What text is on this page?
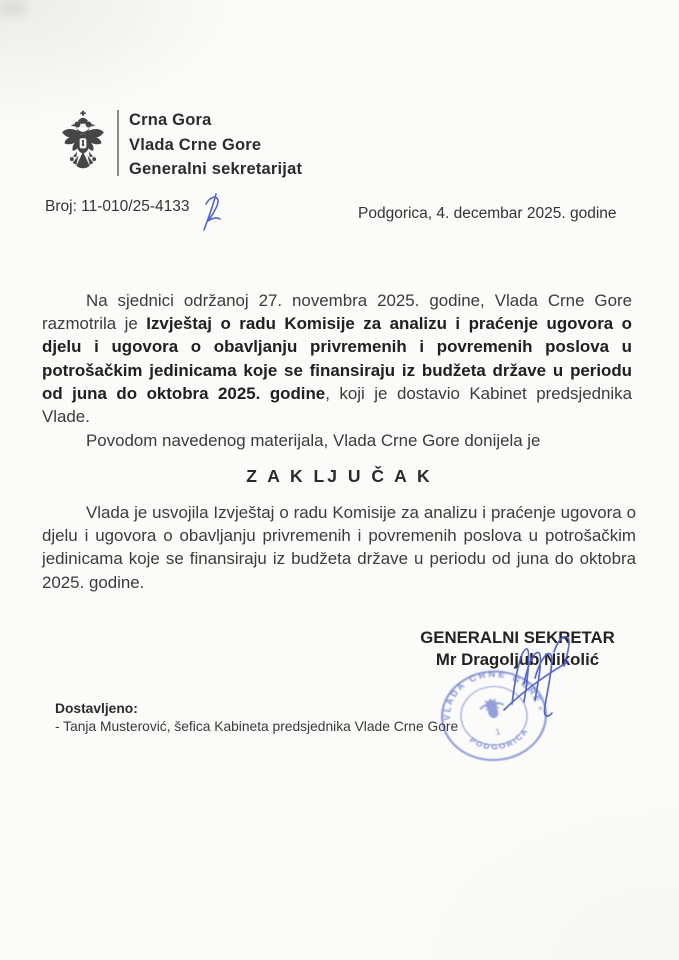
Crna Gora
Vlada Crne Gore
Generalni sekretarijat
Broj: 11-010/25-4133	Podgorica, 4. decembar 2025. godine

Na sjednici održanoj 27. novembra 2025. godine, Vlada Crne Gore razmotrila je Izvještaj o radu Komisije za analizu i praćenje ugovora o djelu i ugovora o obavljanju privremenih i povremenih poslova u potrošačkim jedinicama koje se finansiraju iz budžeta države u periodu od juna do oktobra 2025. godine, koji je dostavio Kabinet predsjednika Vlade.

Povodom navedenog materijala, Vlada Crne Gore donijela je

Z A K LJ U Č A K

Vlada je usvojila Izvještaj o radu Komisije za analizu i praćenje ugovora o djelu i ugovora o obavljanju privremenih i povremenih poslova u potrošačkim jedinicama koje se finansiraju iz budžeta države u periodu od juna do oktobra 2025. godine.

GENERALNI SEKRETAR
Mr Dragoljub Nikolić
VLADA CRNE GORE
PODGORICA
✳
1
Dostavljeno:
- Tanja Musterović, šefica Kabineta predsjednika Vlade Crne Gore
